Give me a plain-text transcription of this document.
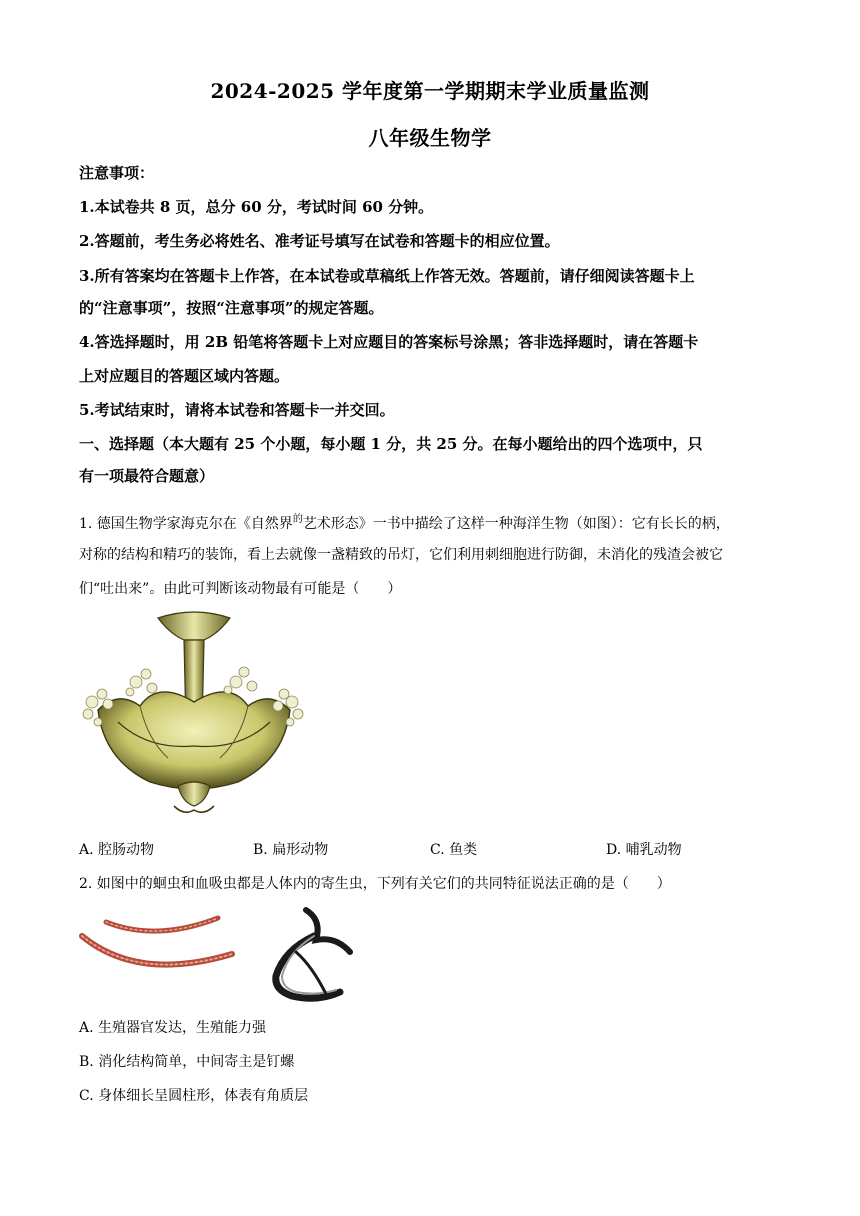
2024-2025 学年度第一学期期末学业质量监测
八年级生物学
注意事项：
1.本试卷共 8 页，总分 60 分，考试时间 60 分钟。
2.答题前，考生务必将姓名、准考证号填写在试卷和答题卡的相应位置。
3.所有答案均在答题卡上作答，在本试卷或草稿纸上作答无效。答题前，请仔细阅读答题卡上
的“注意事项”，按照“注意事项”的规定答题。
4.答选择题时，用 2B 铅笔将答题卡上对应题目的答案标号涂黑；答非选择题时，请在答题卡
上对应题目的答题区域内答题。
5.考试结束时，请将本试卷和答题卡一并交回。
一、选择题（本大题有 25 个小题，每小题 1 分，共 25 分。在每小题给出的四个选项中，只
有一项最符合题意）
1. 德国生物学家海克尔在《自然界$^的$艺术形态》一书中描绘了这样一种海洋生物（如图）：它有长长的柄，
对称的结构和精巧的装饰，看上去就像一盏精致的吊灯，它们利用刺细胞进行防御，未消化的残渣会被它
们“吐出来”。由此可判断该动物最有可能是（　　）
A. 腔肠动物	B. 扁形动物	C. 鱼类	D. 哺乳动物
2. 如图中的蛔虫和血吸虫都是人体内的寄生虫，下列有关它们的共同特征说法正确的是（　　）
A. 生殖器官发达，生殖能力强
B. 消化结构简单，中间寄主是钉螺
C. 身体细长呈圆柱形，体表有角质层
